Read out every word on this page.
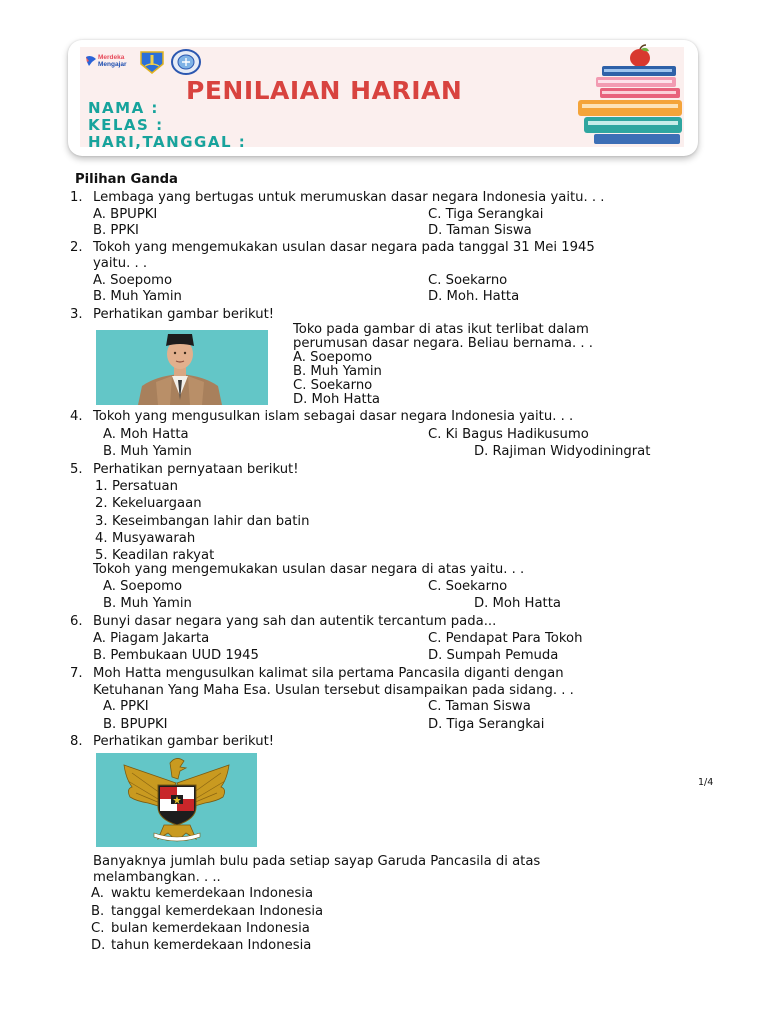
Merdeka
Mengajar
PENILAIAN HARIAN
NAMA :
KELAS :
HARI,TANGGAL :
Pilihan Ganda
1. Lembaga yang bertugas untuk merumuskan dasar negara Indonesia yaitu. . .
A. BPUPKI
B. PPKI
C. Tiga Serangkai
D. Taman Siswa
2. Tokoh yang mengemukakan usulan dasar negara pada tanggal 31 Mei 1945
yaitu. . .
A. Soepomo
B. Muh Yamin
C. Soekarno
D. Moh. Hatta
3. Perhatikan gambar berikut!
Toko pada gambar di atas ikut terlibat dalam
perumusan dasar negara. Beliau bernama. . .
A. Soepomo
B. Muh Yamin
C. Soekarno
D. Moh Hatta
4. Tokoh yang mengusulkan islam sebagai dasar negara Indonesia yaitu. . .
A. Moh Hatta
B. Muh Yamin
C. Ki Bagus Hadikusumo
D. Rajiman Widyodiningrat
5. Perhatikan pernyataan berikut!
1. Persatuan
2. Kekeluargaan
3. Keseimbangan lahir dan batin
4. Musyawarah
5. Keadilan rakyat
Tokoh yang mengemukakan usulan dasar negara di atas yaitu. . .
A. Soepomo
B. Muh Yamin
C. Soekarno
D. Moh Hatta
6. Bunyi dasar negara yang sah dan autentik tercantum pada...
A. Piagam Jakarta
B. Pembukaan UUD 1945
C. Pendapat Para Tokoh
D. Sumpah Pemuda
7. Moh Hatta mengusulkan kalimat sila pertama Pancasila diganti dengan
Ketuhanan Yang Maha Esa. Usulan tersebut disampaikan pada sidang. . .
A. PPKI
B. BPUPKI
C. Taman Siswa
D. Tiga Serangkai
8. Perhatikan gambar berikut!
Banyaknya jumlah bulu pada setiap sayap Garuda Pancasila di atas
melambangkan. . ..
A. waktu kemerdekaan Indonesia
B. tanggal kemerdekaan Indonesia
C. bulan kemerdekaan Indonesia
D. tahun kemerdekaan Indonesia
1/4
